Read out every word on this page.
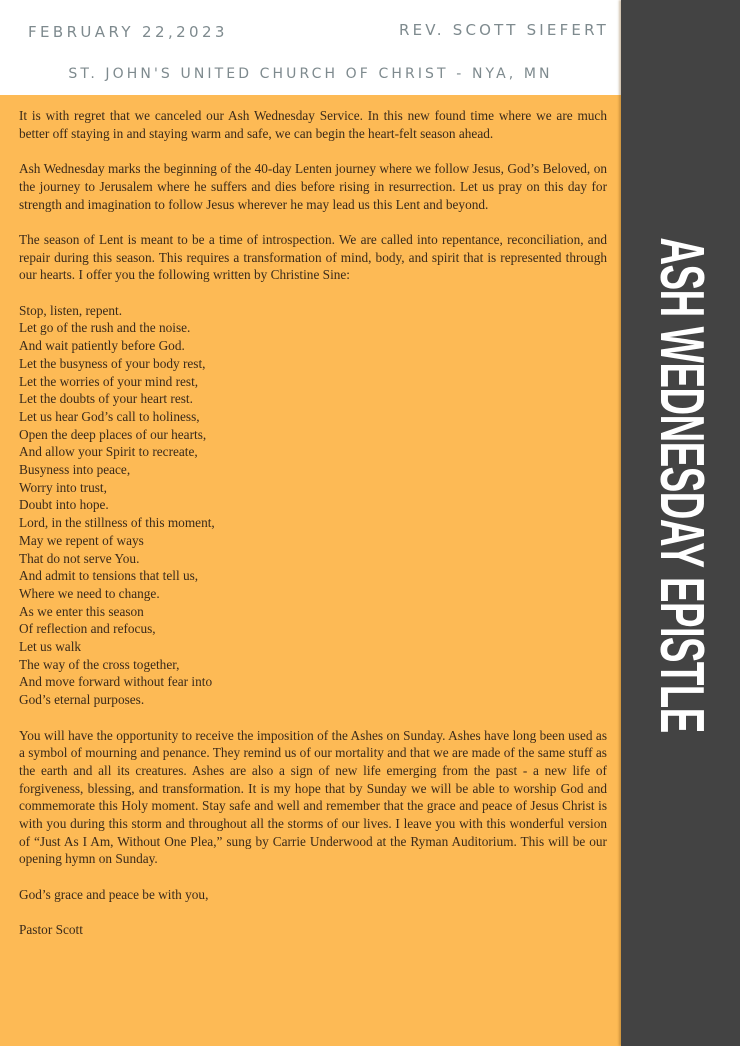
FEBRUARY 22,2023	REV. SCOTT SIEFERT
ST. JOHN'S UNITED CHURCH OF CHRIST - NYA, MN

It is with regret that we canceled our Ash Wednesday Service. In this new found time where we are much better off staying in and staying warm and safe, we can begin the heart-felt season ahead.

Ash Wednesday marks the beginning of the 40-day Lenten journey where we follow Jesus, God’s Beloved, on the journey to Jerusalem where he suffers and dies before rising in resurrection. Let us pray on this day for strength and imagination to follow Jesus wherever he may lead us this Lent and beyond.

The season of Lent is meant to be a time of introspection. We are called into repentance, reconciliation, and repair during this season. This requires a transformation of mind, body, and spirit that is represented through our hearts. I offer you the following written by Christine Sine:

Stop, listen, repent.
Let go of the rush and the noise.
And wait patiently before God.
Let the busyness of your body rest,
Let the worries of your mind rest,
Let the doubts of your heart rest.
Let us hear God’s call to holiness,
Open the deep places of our hearts,
And allow your Spirit to recreate,
Busyness into peace,
Worry into trust,
Doubt into hope.
Lord, in the stillness of this moment,
May we repent of ways
That do not serve You.
And admit to tensions that tell us,
Where we need to change.
As we enter this season
Of reflection and refocus,
Let us walk
The way of the cross together,
And move forward without fear into
God’s eternal purposes.

You will have the opportunity to receive the imposition of the Ashes on Sunday. Ashes have long been used as a symbol of mourning and penance. They remind us of our mortality and that we are made of the same stuff as the earth and all its creatures. Ashes are also a sign of new life emerging from the past - a new life of forgiveness, blessing, and transformation. It is my hope that by Sunday we will be able to worship God and commemorate this Holy moment. Stay safe and well and remember that the grace and peace of Jesus Christ is with you during this storm and throughout all the storms of our lives. I leave you with this wonderful version of “Just As I Am, Without One Plea,” sung by Carrie Underwood at the Ryman Auditorium. This will be our opening hymn on Sunday.

God’s grace and peace be with you,

Pastor Scott

ASH WEDNESDAY EPISTLE
